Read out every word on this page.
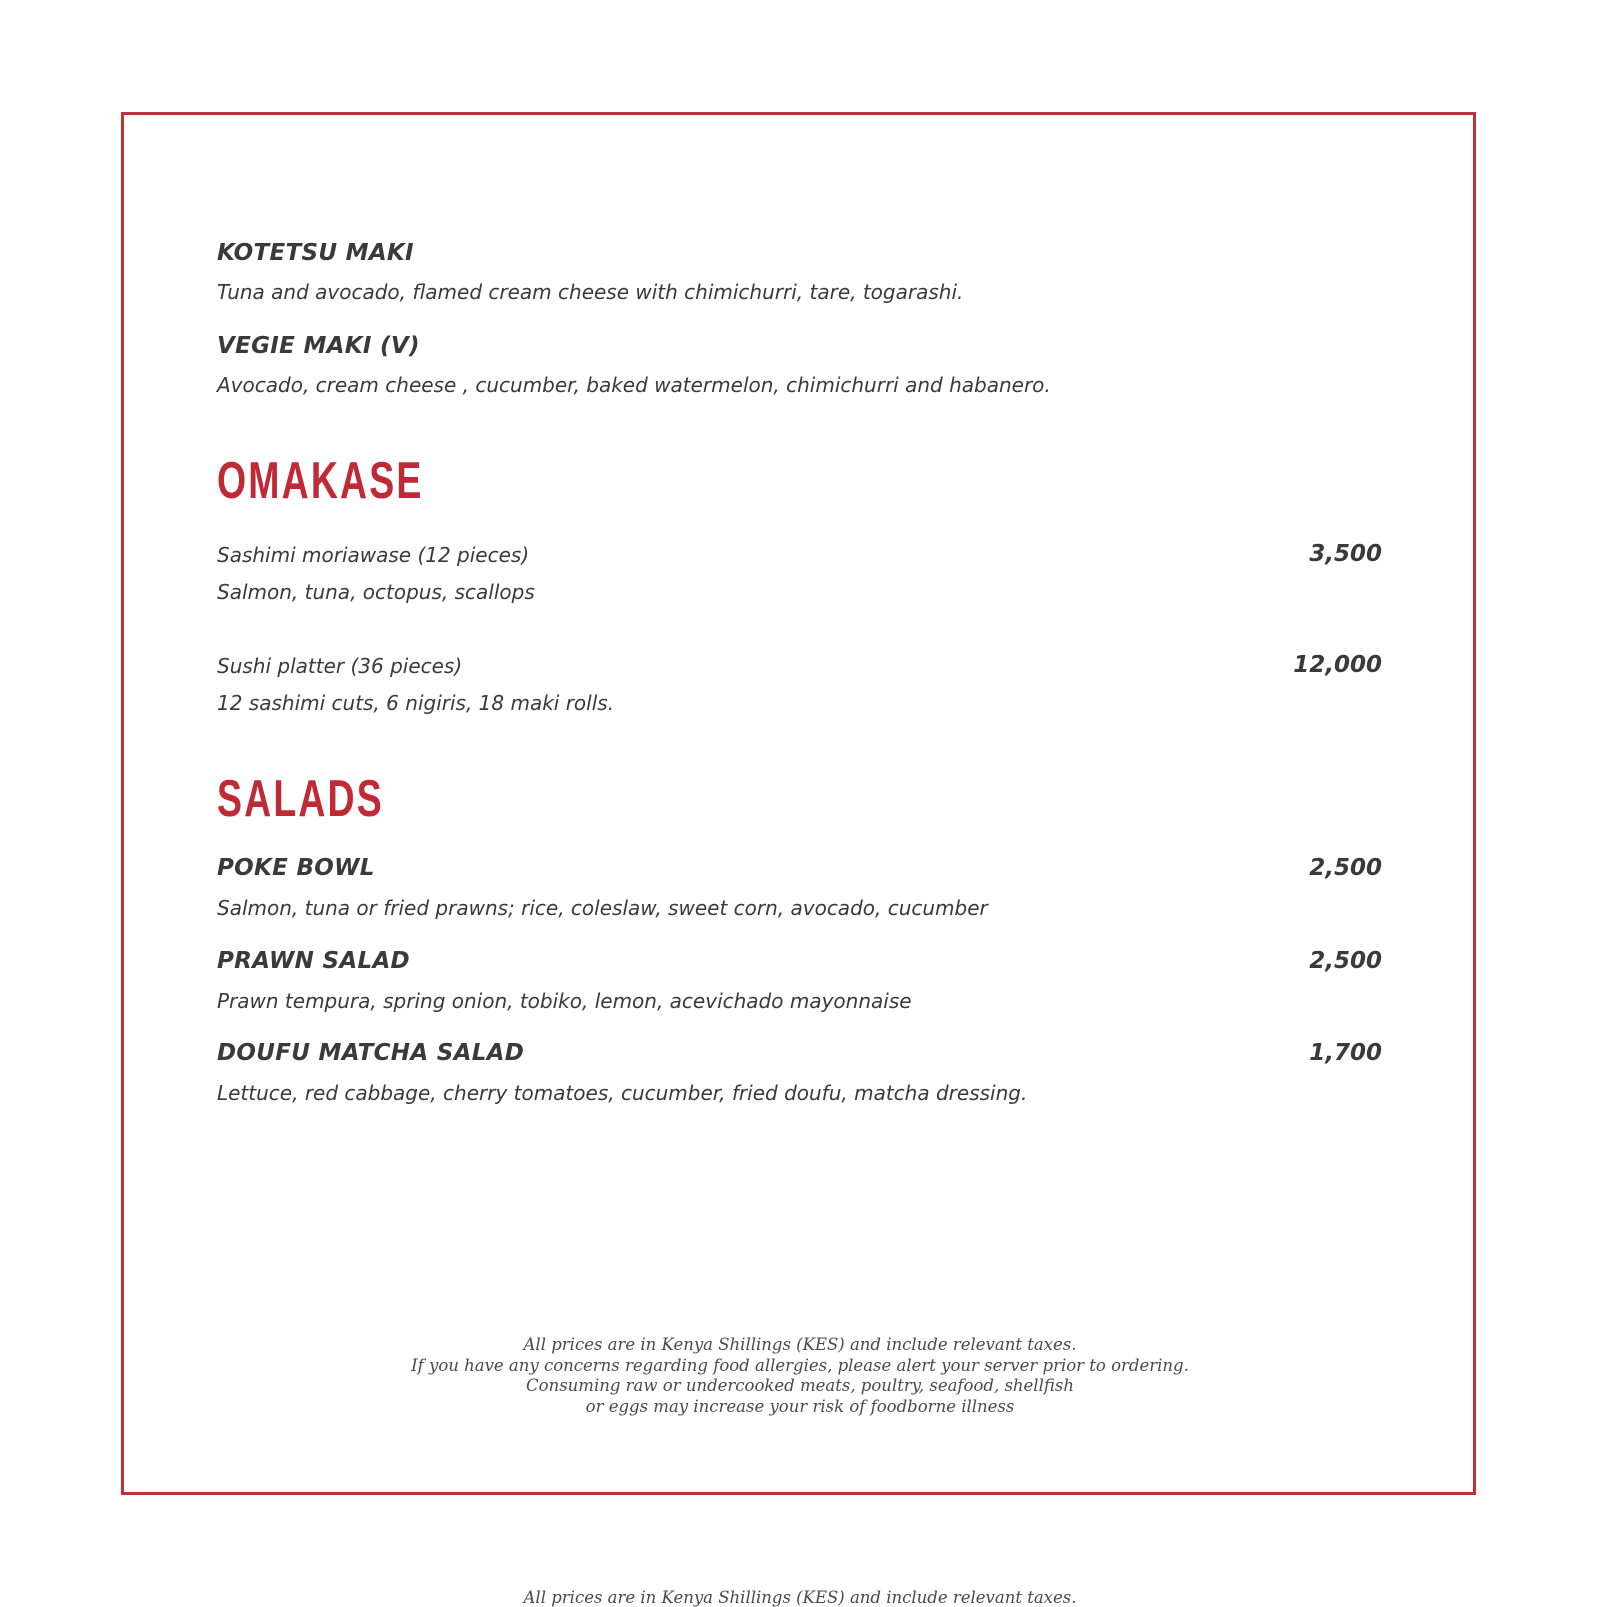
KOTETSU MAKI
Tuna and avocado, flamed cream cheese with chimichurri, tare, togarashi.
VEGIE MAKI (V)
Avocado, cream cheese , cucumber, baked watermelon, chimichurri and habanero.
OMAKASE
Sashimi moriawase (12 pieces)	3,500
Salmon, tuna, octopus, scallops
Sushi platter (36 pieces)	12,000
12 sashimi cuts, 6 nigiris, 18 maki rolls.
SALADS
POKE BOWL	2,500
Salmon, tuna or fried prawns; rice, coleslaw, sweet corn, avocado, cucumber
PRAWN SALAD	2,500
Prawn tempura, spring onion, tobiko, lemon, acevichado mayonnaise
DOUFU MATCHA SALAD	1,700
Lettuce, red cabbage, cherry tomatoes, cucumber, fried doufu, matcha dressing.
All prices are in Kenya Shillings (KES) and include relevant taxes.
If you have any concerns regarding food allergies, please alert your server prior to ordering.
Consuming raw or undercooked meats, poultry, seafood, shellfish
or eggs may increase your risk of foodborne illness
All prices are in Kenya Shillings (KES) and include relevant taxes.
